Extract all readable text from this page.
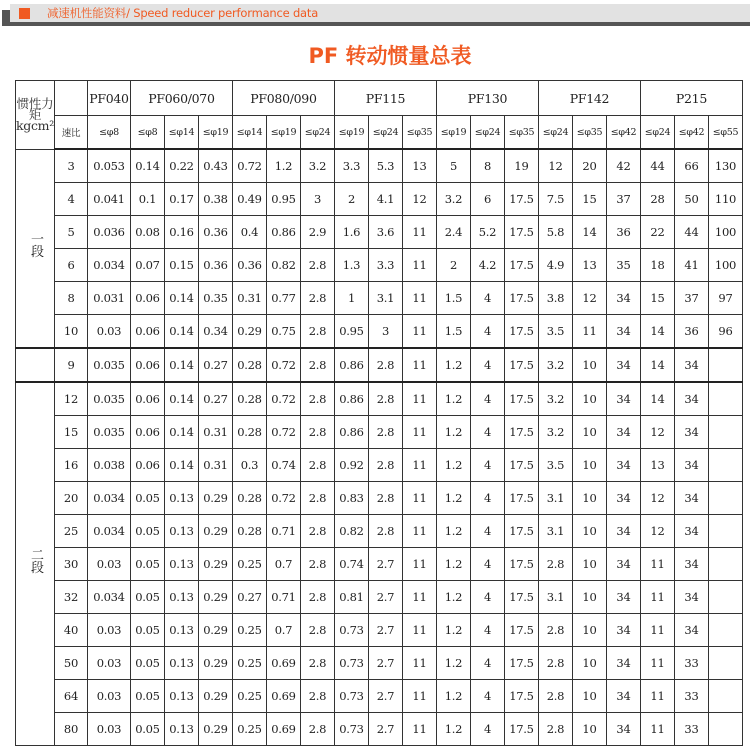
减速机性能资料/ Speed reducer performance data
PF 转动惯量总表
惯性力
矩
kgcm²		PF040	PF060/070			PF080/090			PF115			PF130			PF142			P215		
	速比	≤φ8	≤φ8	≤φ14	≤φ19	≤φ14	≤φ19	≤φ24	≤φ19	≤φ24	≤φ35	≤φ19	≤φ24	≤φ35	≤φ24	≤φ35	≤φ42	≤φ24	≤φ42	≤φ55
一段	3	0.053	0.14	0.22	0.43	0.72	1.2	3.2	3.3	5.3	13	5	8	19	12	20	42	44	66	130
	4	0.041	0.1	0.17	0.38	0.49	0.95	3	2	4.1	12	3.2	6	17.5	7.5	15	37	28	50	110
	5	0.036	0.08	0.16	0.36	0.4	0.86	2.9	1.6	3.6	11	2.4	5.2	17.5	5.8	14	36	22	44	100
	6	0.034	0.07	0.15	0.36	0.36	0.82	2.8	1.3	3.3	11	2	4.2	17.5	4.9	13	35	18	41	100
	8	0.031	0.06	0.14	0.35	0.31	0.77	2.8	1	3.1	11	1.5	4	17.5	3.8	12	34	15	37	97
	10	0.03	0.06	0.14	0.34	0.29	0.75	2.8	0.95	3	11	1.5	4	17.5	3.5	11	34	14	36	96
	9	0.035	0.06	0.14	0.27	0.28	0.72	2.8	0.86	2.8	11	1.2	4	17.5	3.2	10	34	14	34	
二段	12	0.035	0.06	0.14	0.27	0.28	0.72	2.8	0.86	2.8	11	1.2	4	17.5	3.2	10	34	14	34	
	15	0.035	0.06	0.14	0.31	0.28	0.72	2.8	0.86	2.8	11	1.2	4	17.5	3.2	10	34	12	34	
	16	0.038	0.06	0.14	0.31	0.3	0.74	2.8	0.92	2.8	11	1.2	4	17.5	3.5	10	34	13	34	
	20	0.034	0.05	0.13	0.29	0.28	0.72	2.8	0.83	2.8	11	1.2	4	17.5	3.1	10	34	12	34	
	25	0.034	0.05	0.13	0.29	0.28	0.71	2.8	0.82	2.8	11	1.2	4	17.5	3.1	10	34	12	34	
	30	0.03	0.05	0.13	0.29	0.25	0.7	2.8	0.74	2.7	11	1.2	4	17.5	2.8	10	34	11	34	
	32	0.034	0.05	0.13	0.29	0.27	0.71	2.8	0.81	2.7	11	1.2	4	17.5	3.1	10	34	11	34	
	40	0.03	0.05	0.13	0.29	0.25	0.7	2.8	0.73	2.7	11	1.2	4	17.5	2.8	10	34	11	34	
	50	0.03	0.05	0.13	0.29	0.25	0.69	2.8	0.73	2.7	11	1.2	4	17.5	2.8	10	34	11	33	
	64	0.03	0.05	0.13	0.29	0.25	0.69	2.8	0.73	2.7	11	1.2	4	17.5	2.8	10	34	11	33	
	80	0.03	0.05	0.13	0.29	0.25	0.69	2.8	0.73	2.7	11	1.2	4	17.5	2.8	10	34	11	33	
